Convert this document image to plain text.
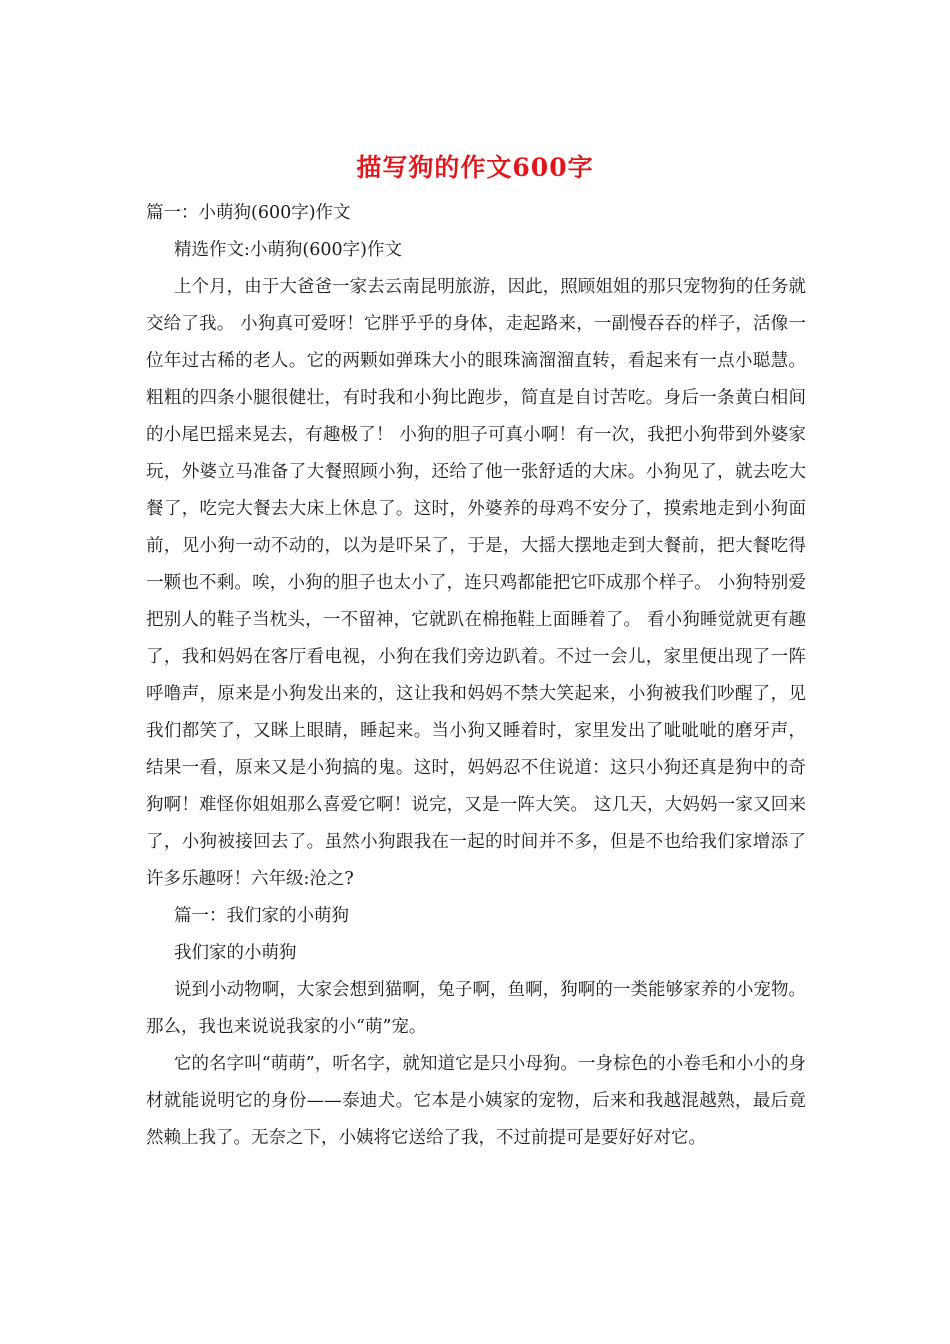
描写狗的作文600字

篇一：小萌狗(600字)作文

精选作文:小萌狗(600字)作文

上个月，由于大爸爸一家去云南昆明旅游，因此，照顾姐姐的那只宠物狗的任务就交给了我。 小狗真可爱呀！它胖乎乎的身体，走起路来，一副慢吞吞的样子，活像一位年过古稀的老人。它的两颗如弹珠大小的眼珠滴溜溜直转，看起来有一点小聪慧。粗粗的四条小腿很健壮，有时我和小狗比跑步，简直是自讨苦吃。身后一条黄白相间的小尾巴摇来晃去，有趣极了！ 小狗的胆子可真小啊！有一次，我把小狗带到外婆家玩，外婆立马准备了大餐照顾小狗，还给了他一张舒适的大床。小狗见了，就去吃大餐了，吃完大餐去大床上休息了。这时，外婆养的母鸡不安分了，摸索地走到小狗面前，见小狗一动不动的，以为是吓呆了，于是，大摇大摆地走到大餐前，把大餐吃得一颗也不剩。唉，小狗的胆子也太小了，连只鸡都能把它吓成那个样子。 小狗特别爱把别人的鞋子当枕头，一不留神，它就趴在棉拖鞋上面睡着了。 看小狗睡觉就更有趣了，我和妈妈在客厅看电视，小狗在我们旁边趴着。不过一会儿，家里便出现了一阵呼噜声，原来是小狗发出来的，这让我和妈妈不禁大笑起来，小狗被我们吵醒了，见我们都笑了，又眯上眼睛，睡起来。当小狗又睡着时，家里发出了呲呲呲的磨牙声，结果一看，原来又是小狗搞的鬼。这时，妈妈忍不住说道：这只小狗还真是狗中的奇狗啊！难怪你姐姐那么喜爱它啊！说完，又是一阵大笑。 这几天，大妈妈一家又回来了，小狗被接回去了。虽然小狗跟我在一起的时间并不多，但是不也给我们家增添了许多乐趣呀！六年级:沧之?

篇一：我们家的小萌狗

我们家的小萌狗

说到小动物啊，大家会想到猫啊，兔子啊，鱼啊，狗啊的一类能够家养的小宠物。那么，我也来说说我家的小“萌”宠。

它的名字叫“萌萌”，听名字，就知道它是只小母狗。一身棕色的小卷毛和小小的身材就能说明它的身份——泰迪犬。它本是小姨家的宠物，后来和我越混越熟，最后竟然赖上我了。无奈之下，小姨将它送给了我，不过前提可是要好好对它。
